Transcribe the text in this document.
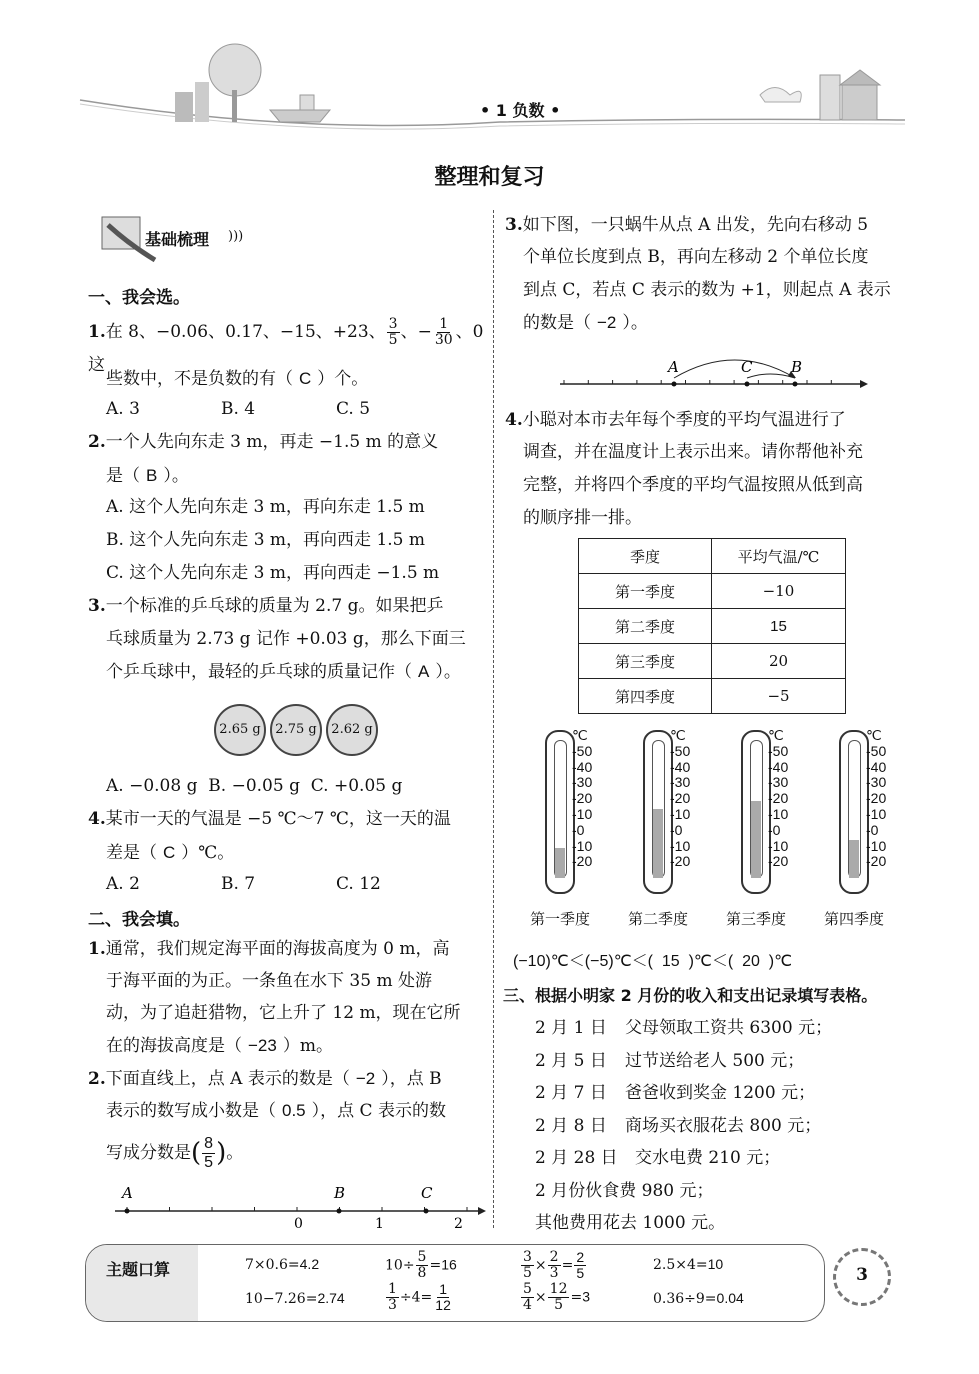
• 1 负数 •
整理和复习
基础梳理 )))
一、我会选。
1.在 8、−0.06、0.17、−15、+23、 $\frac{3}{5}$ 、− $\frac{1}{30}$ 、0 这
些数中，不是负数的有（ C ）个。
A. 3	B. 4	C. 5
2.一个人先向东走 3 m，再走 −1.5 m 的意义
是（ B ）。
A. 这个人先向东走 3 m，再向东走 1.5 m
B. 这个人先向东走 3 m，再向西走 1.5 m
C. 这个人先向东走 3 m，再向西走 −1.5 m
3.一个标准的乒乓球的质量为 2.7 g。如果把乒
乓球质量为 2.73 g 记作 +0.03 g，那么下面三
个乒乓球中，最轻的乒乓球的质量记作（ A ）。
2.65 g	2.75 g	2.62 g
A. −0.08 g B. −0.05 g C. +0.05 g
4.某市一天的气温是 −5 ℃～7 ℃，这一天的温
差是（ C ）℃。
A. 2	B. 7	C. 12
二、我会填。
1.通常，我们规定海平面的海拔高度为 0 m，高
于海平面的为正。一条鱼在水下 35 m 处游
动，为了追赶猎物，它上升了 12 m，现在它所
在的海拔高度是（ −23 ）m。
2.下面直线上，点 A 表示的数是（ −2 ），点 B
表示的数写成小数是（ 0.5 ），点 C 表示的数
写成分数是( $\frac{8}{5}$ )。
A	B	C
0	1	2
3.如下图，一只蜗牛从点 A 出发，先向右移动 5
个单位长度到点 B，再向左移动 2 个单位长度
到点 C，若点 C 表示的数为 +1，则起点 A 表示
的数是（ −2 ）。
A	C	B
4.小聪对本市去年每个季度的平均气温进行了
调查，并在温度计上表示出来。请你帮他补充
完整，并将四个季度的平均气温按照从低到高
的顺序排一排。
季度	平均气温/℃
第一季度	−10
第二季度	15
第三季度	20
第四季度	−5
℃
-50
-40
-30
-20
-10
-0
-10
-20
第一季度
℃
-50
-40
-30
-20
-10
-0
-10
-20
第二季度
℃
-50
-40
-30
-20
-10
-0
-10
-20
第三季度
℃
-50
-40
-30
-20
-10
-0
-10
-20
第四季度
(−10)℃＜(−5)℃＜(  15  )℃＜(  20  )℃
三、根据小明家 2 月份的收入和支出记录填写表格。
2 月 1 日 父母领取工资共 6300 元；
2 月 5 日 过节送给老人 500 元；
2 月 7 日 爸爸收到奖金 1200 元；
2 月 8 日 商场买衣服花去 800 元；
2 月 28 日 交水电费 210 元；
2 月份伙食费 980 元；
其他费用花去 1000 元。
主题口算	7×0.6=4.2	$10\div \frac{5}{8} =16$	$\frac{3}{5} \times \frac{2}{3} = \frac{2}{5}$	2.5×4=10
10−7.26=2.74	$\frac{1}{3} \div 4= \frac{1}{12}$	$\frac{5}{4} \times \frac{12}{5} =3$	0.36÷9=0.04
3
